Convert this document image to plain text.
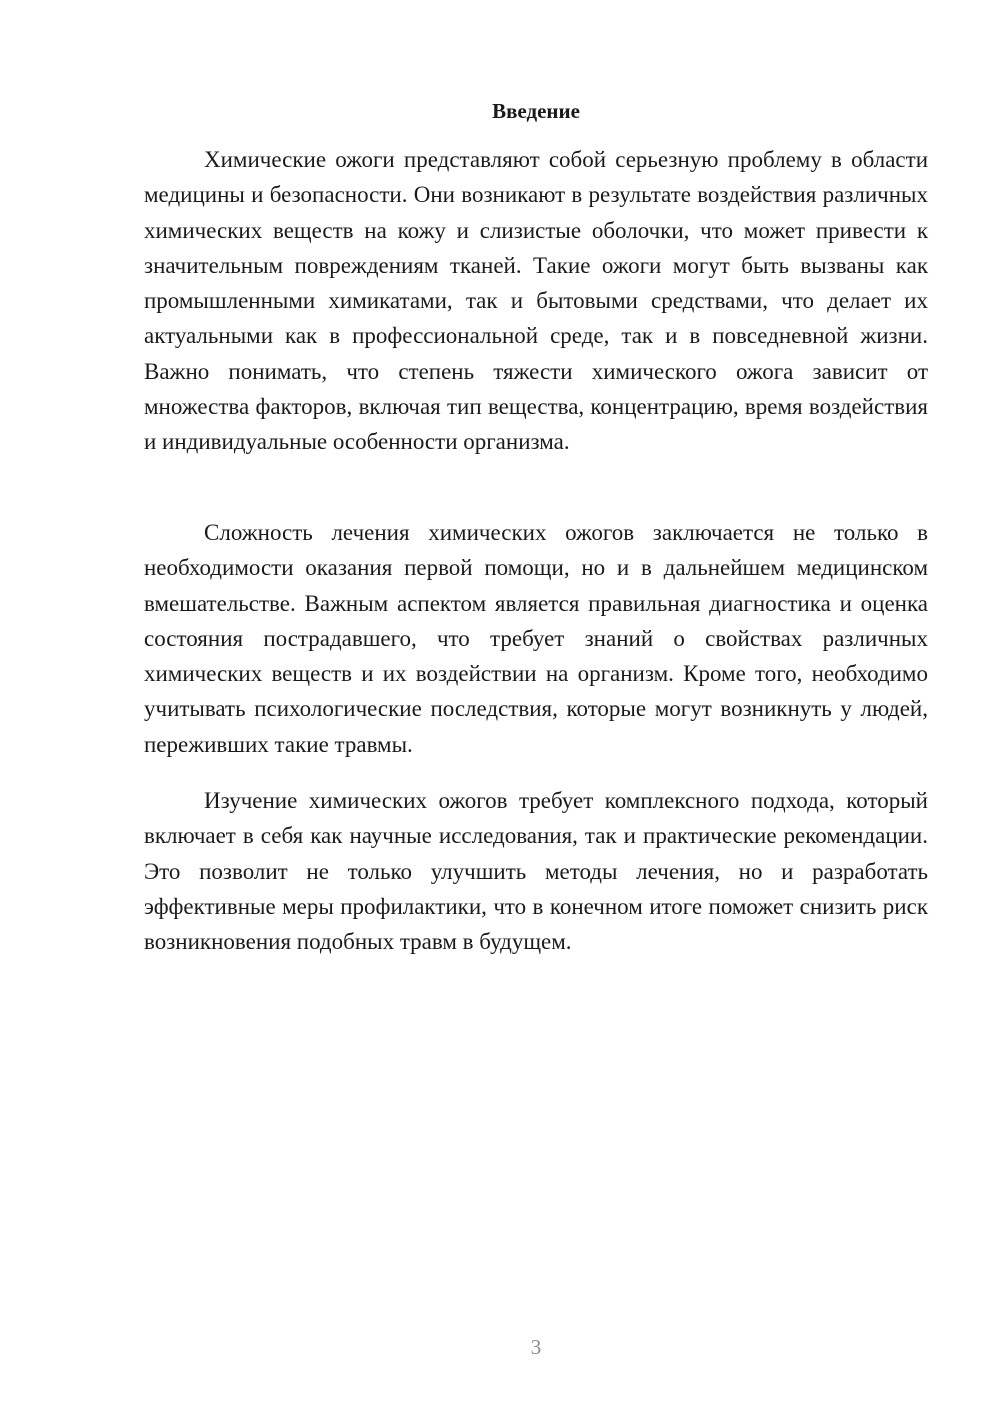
Введение

Химические ожоги представляют собой серьезную проблему в области медицины и безопасности. Они возникают в результате воздействия различных химических веществ на кожу и слизистые оболочки, что может привести к значительным повреждениям тканей. Такие ожоги могут быть вызваны как промышленными химикатами, так и бытовыми средствами, что делает их актуальными как в профессиональной среде, так и в повседневной жизни. Важно понимать, что степень тяжести химического ожога зависит от множества факторов, включая тип вещества, концентрацию, время воздействия и индивидуальные особенности организма.

Сложность лечения химических ожогов заключается не только в необходимости оказания первой помощи, но и в дальнейшем медицинском вмешательстве. Важным аспектом является правильная диагностика и оценка состояния пострадавшего, что требует знаний о свойствах различных химических веществ и их воздействии на организм. Кроме того, необходимо учитывать психологические последствия, которые могут возникнуть у людей, переживших такие травмы.

Изучение химических ожогов требует комплексного подхода, который включает в себя как научные исследования, так и практические рекомендации. Это позволит не только улучшить методы лечения, но и разработать эффективные меры профилактики, что в конечном итоге поможет снизить риск возникновения подобных травм в будущем.

3
